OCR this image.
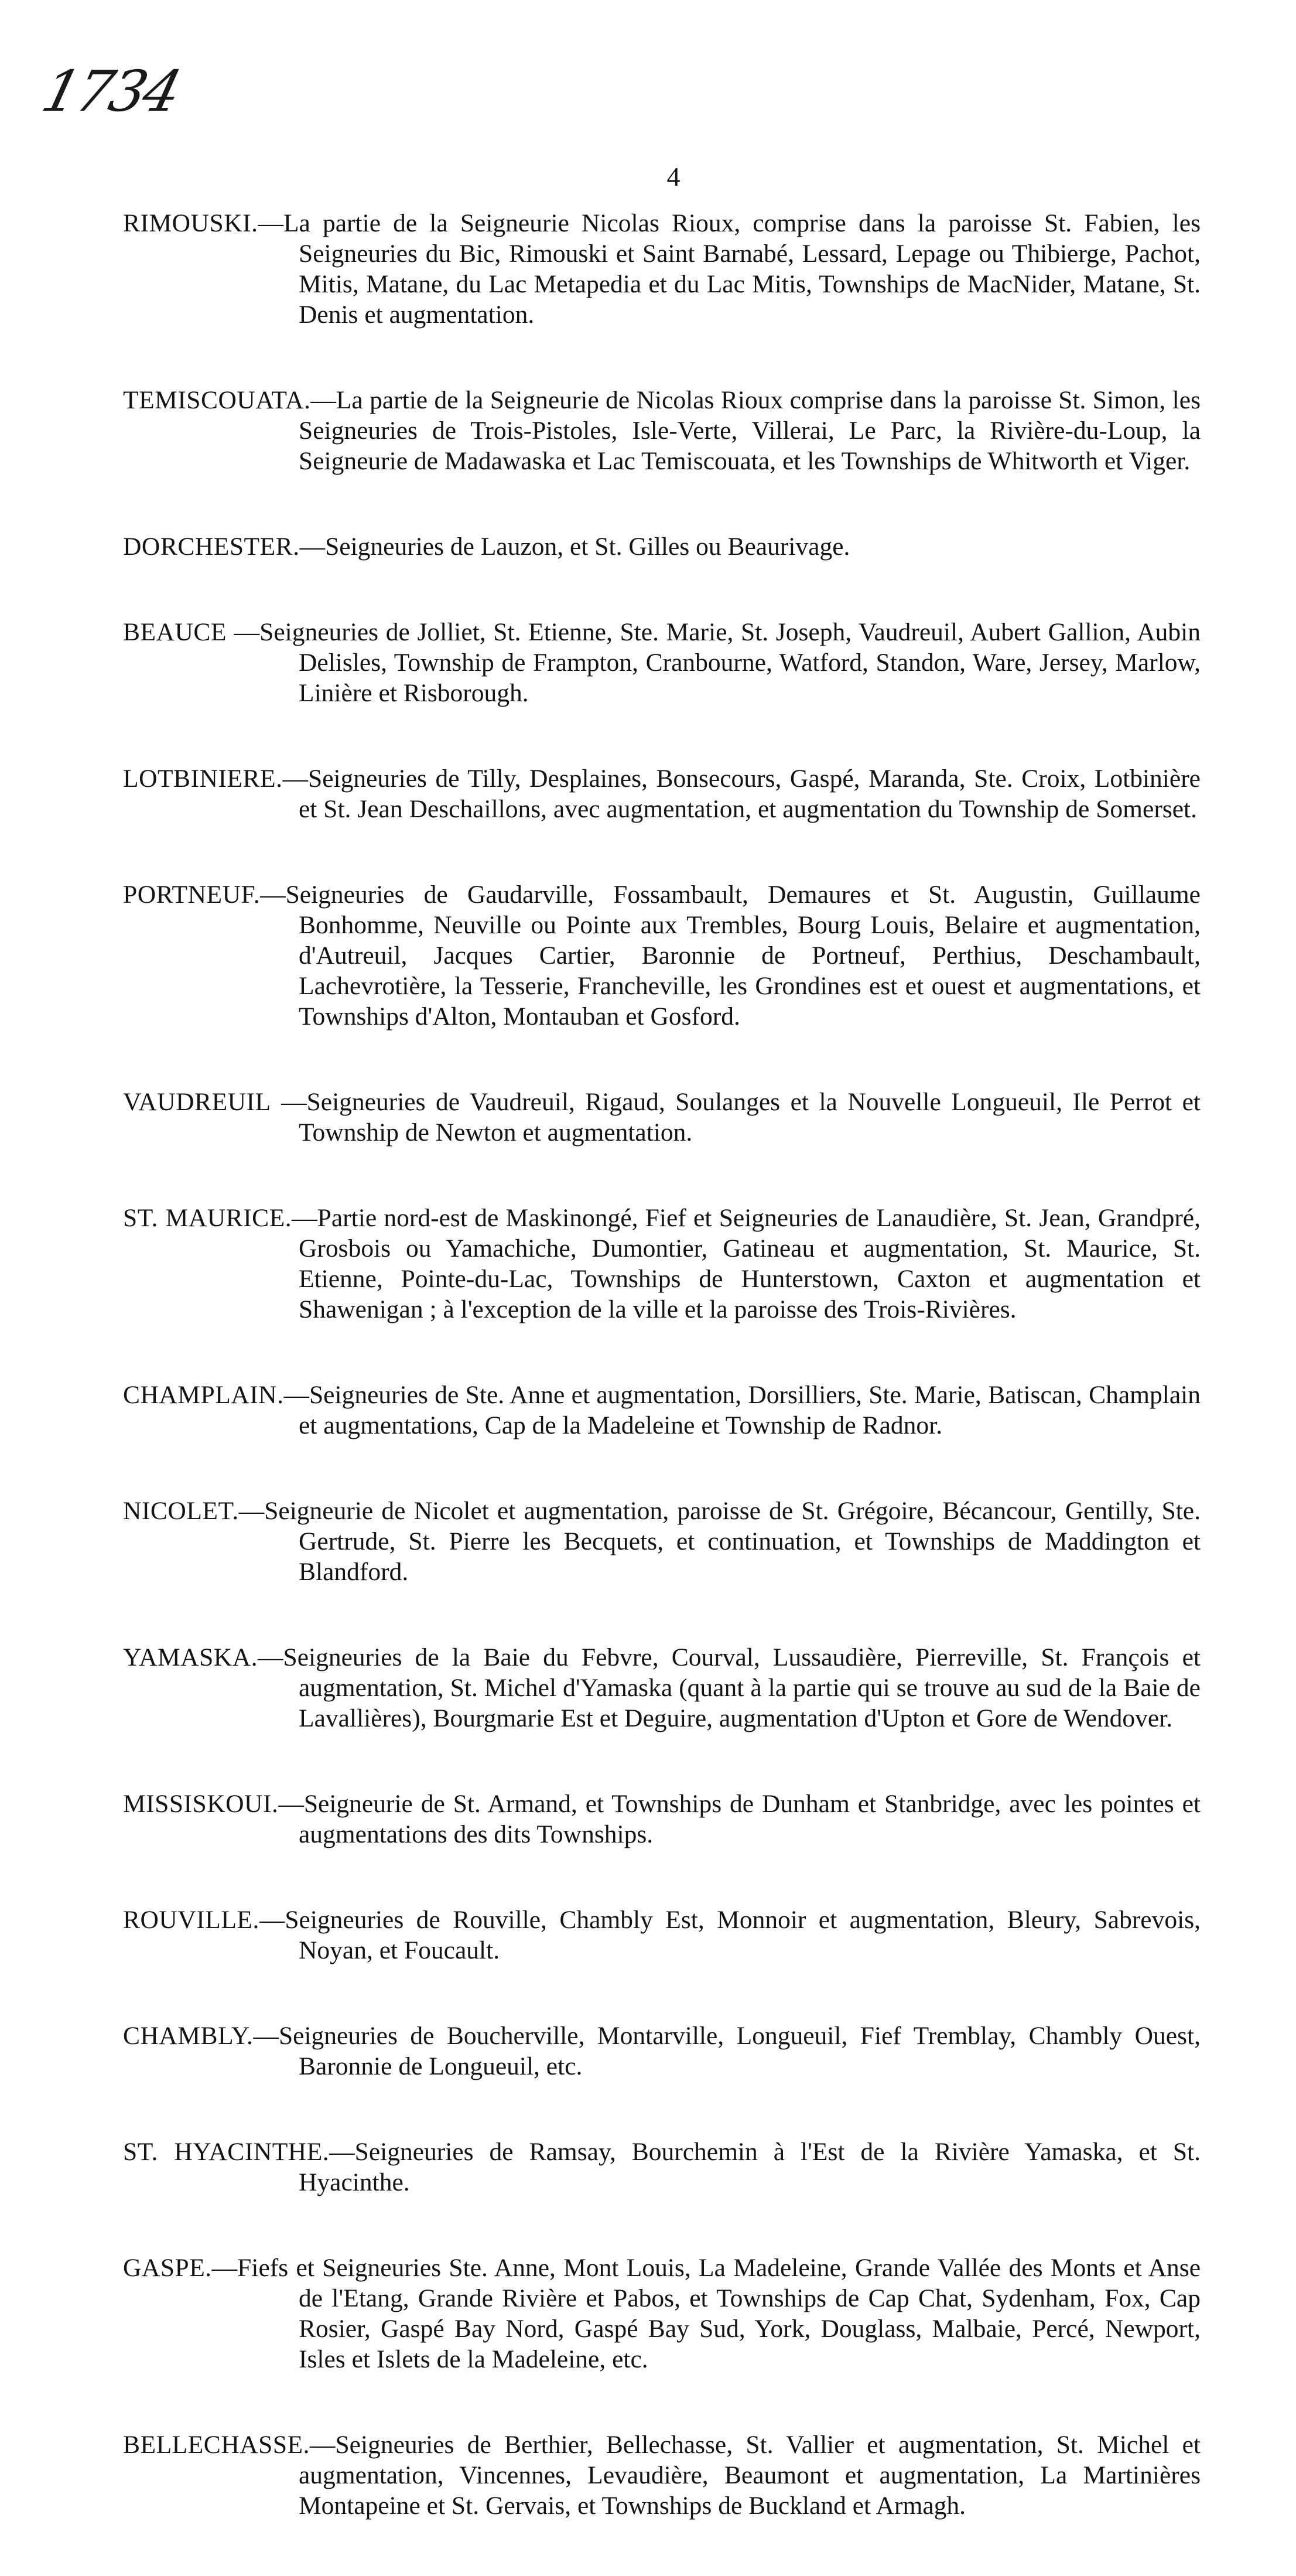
1734
4

RIMOUSKI.—La partie de la Seigneurie Nicolas Rioux, comprise dans la paroisse St. Fabien, les Seigneuries du Bic, Rimouski et Saint Barnabé, Lessard, Lepage ou Thibierge, Pachot, Mitis, Matane, du Lac Metapedia et du Lac Mitis, Townships de MacNider, Matane, St. Denis et augmentation.

TEMISCOUATA.—La partie de la Seigneurie de Nicolas Rioux comprise dans la paroisse St. Simon, les Seigneuries de Trois-Pistoles, Isle-Verte, Villerai, Le Parc, la Rivière-du-Loup, la Seigneurie de Madawaska et Lac Temiscouata, et les Townships de Whitworth et Viger.

DORCHESTER.—Seigneuries de Lauzon, et St. Gilles ou Beaurivage.

BEAUCE —Seigneuries de Jolliet, St. Etienne, Ste. Marie, St. Joseph, Vaudreuil, Aubert Gallion, Aubin Delisles, Township de Frampton, Cranbourne, Watford, Standon, Ware, Jersey, Marlow, Linière et Risborough.

LOTBINIERE.—Seigneuries de Tilly, Desplaines, Bonsecours, Gaspé, Maranda, Ste. Croix, Lotbinière et St. Jean Deschaillons, avec augmentation, et augmentation du Township de Somerset.

PORTNEUF.—Seigneuries de Gaudarville, Fossambault, Demaures et St. Augustin, Guillaume Bonhomme, Neuville ou Pointe aux Trembles, Bourg Louis, Belaire et augmentation, d'Autreuil, Jacques Cartier, Baronnie de Portneuf, Perthius, Deschambault, Lachevrotière, la Tesserie, Francheville, les Grondines est et ouest et augmentations, et Townships d'Alton, Montauban et Gosford.

VAUDREUIL —Seigneuries de Vaudreuil, Rigaud, Soulanges et la Nouvelle Longueuil, Ile Perrot et Township de Newton et augmentation.

ST. MAURICE.—Partie nord-est de Maskinongé, Fief et Seigneuries de Lanaudière, St. Jean, Grandpré, Grosbois ou Yamachiche, Dumontier, Gatineau et augmentation, St. Maurice, St. Etienne, Pointe-du-Lac, Townships de Hunterstown, Caxton et augmentation et Shawenigan ; à l'exception de la ville et la paroisse des Trois-Rivières.

CHAMPLAIN.—Seigneuries de Ste. Anne et augmentation, Dorsilliers, Ste. Marie, Batiscan, Champlain et augmentations, Cap de la Madeleine et Township de Radnor.

NICOLET.—Seigneurie de Nicolet et augmentation, paroisse de St. Grégoire, Bécancour, Gentilly, Ste. Gertrude, St. Pierre les Becquets, et continuation, et Townships de Maddington et Blandford.

YAMASKA.—Seigneuries de la Baie du Febvre, Courval, Lussaudière, Pierreville, St. François et augmentation, St. Michel d'Yamaska (quant à la partie qui se trouve au sud de la Baie de Lavallières), Bourgmarie Est et Deguire, augmentation d'Upton et Gore de Wendover.

MISSISKOUI.—Seigneurie de St. Armand, et Townships de Dunham et Stanbridge, avec les pointes et augmentations des dits Townships.

ROUVILLE.—Seigneuries de Rouville, Chambly Est, Monnoir et augmentation, Bleury, Sabrevois, Noyan, et Foucault.

CHAMBLY.—Seigneuries de Boucherville, Montarville, Longueuil, Fief Tremblay, Chambly Ouest, Baronnie de Longueuil, etc.

ST. HYACINTHE.—Seigneuries de Ramsay, Bourchemin à l'Est de la Rivière Yamaska, et St. Hyacinthe.

GASPE.—Fiefs et Seigneuries Ste. Anne, Mont Louis, La Madeleine, Grande Vallée des Monts et Anse de l'Etang, Grande Rivière et Pabos, et Townships de Cap Chat, Sydenham, Fox, Cap Rosier, Gaspé Bay Nord, Gaspé Bay Sud, York, Douglass, Malbaie, Percé, Newport, Isles et Islets de la Madeleine, etc.

BELLECHASSE.—Seigneuries de Berthier, Bellechasse, St. Vallier et augmentation, St. Michel et augmentation, Vincennes, Levaudière, Beaumont et augmentation, La Martinières Montapeine et St. Gervais, et Townships de Buckland et Armagh.
